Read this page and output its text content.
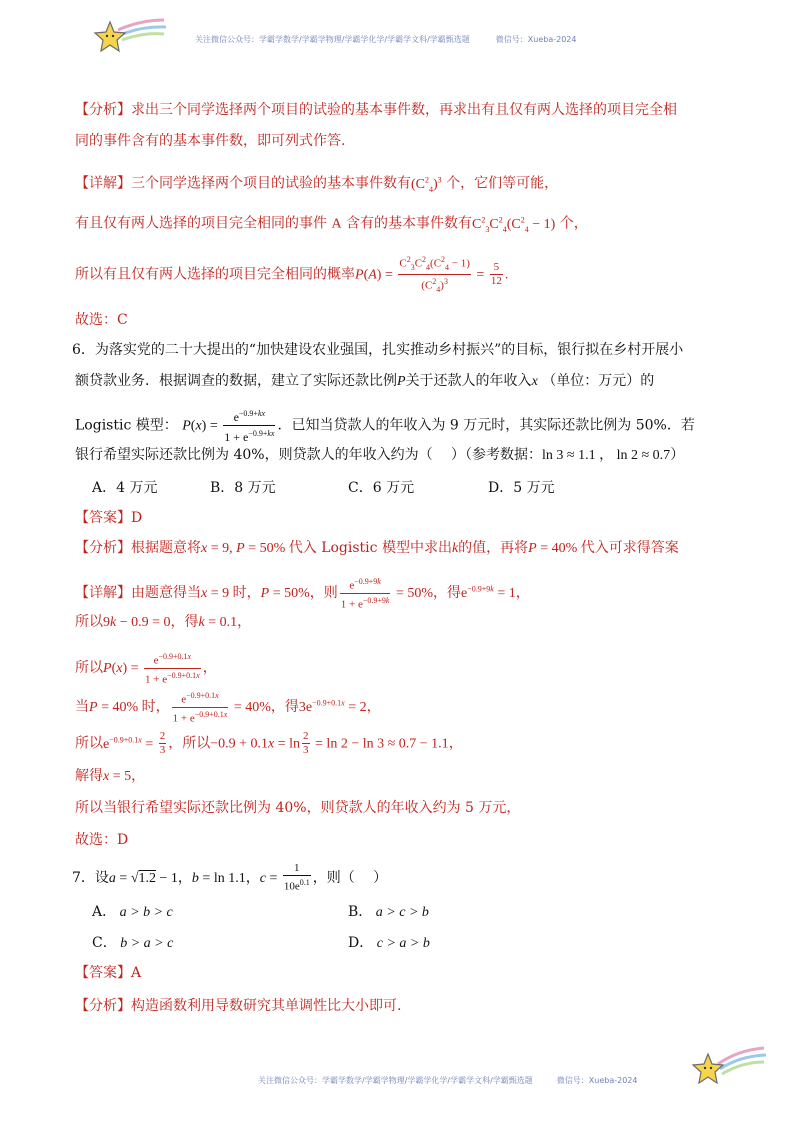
关注微信公众号：学霸学数学/学霸学物理/学霸学化学/学霸学文科/学霸甄选题	微信号：Xueba-2024
【分析】求出三个同学选择两个项目的试验的基本事件数，再求出有且仅有两人选择的项目完全相
同的事件含有的基本事件数，即可列式作答.
【详解】三个同学选择两个项目的试验的基本事件数有$(C^2_4)^3$ 个，它们等可能，
有且仅有两人选择的项目完全相同的事件 A 含有的基本事件数有$C^2_3C^2_4(C^2_4 - 1)$ 个，
所以有且仅有两人选择的项目完全相同的概率$P(A) = \frac{C^2_3C^2_4(C^2_4 - 1)}{(C^2_4)^3} = \frac{5}{12}$ .
故选：C
6．为落实党的二十大提出的“加快建设农业强国，扎实推动乡村振兴”的目标，银行拟在乡村开展小
额贷款业务．根据调查的数据，建立了实际还款比例P关于还款人的年收入x （单位：万元）的
Logistic 模型： $P(x) = \frac{e^{-0.9+kx}}{1 + e^{-0.9+kx}}$ ．已知当贷款人的年收入为 9 万元时，其实际还款比例为 50%．若
银行希望实际还款比例为 40%，则贷款人的年收入约为（　 ）（参考数据：ln 3 ≈ 1.1 ， ln 2 ≈ 0.7）
A．4 万元	B．8 万元	C．6 万元	D．5 万元
【答案】D
【分析】根据题意将x = 9, P = 50% 代入 Logistic 模型中求出k的值，再将P = 40% 代入可求得答案
【详解】由题意得当x = 9 时，P = 50%，则 $\frac{e^{-0.9+9k}}{1 + e^{-0.9+9k}} = 50\%$，得$e^{-0.9+9k} = 1$，
所以9k − 0.9 = 0，得k = 0.1，
所以$P(x) = \frac{e^{-0.9+0.1x}}{1 + e^{-0.9+0.1x}}$ ，
当P = 40% 时， $\frac{e^{-0.9+0.1x}}{1 + e^{-0.9+0.1x}} = 40\%$，得$3e^{-0.9+0.1x} = 2$，
所以$e^{-0.9+0.1x} = \frac{2}{3}$ ，所以$-0.9 + 0.1x = \ln \frac{2}{3} = \ln 2 - \ln 3 \approx 0.7 - 1.1$，
解得x = 5，
所以当银行希望实际还款比例为 40%，则贷款人的年收入约为 5 万元，
故选：D
7．设a = √1.2 − 1，b = ln 1.1，$c = \frac{1}{10e^{0.1}}$ ，则（　 ）
A． a > b > c	B． a > c > b
C． b > a > c	D． c > a > b
【答案】A
【分析】构造函数利用导数研究其单调性比大小即可.
关注微信公众号：学霸学数学/学霸学物理/学霸学化学/学霸学文科/学霸甄选题	微信号：Xueba-2024
